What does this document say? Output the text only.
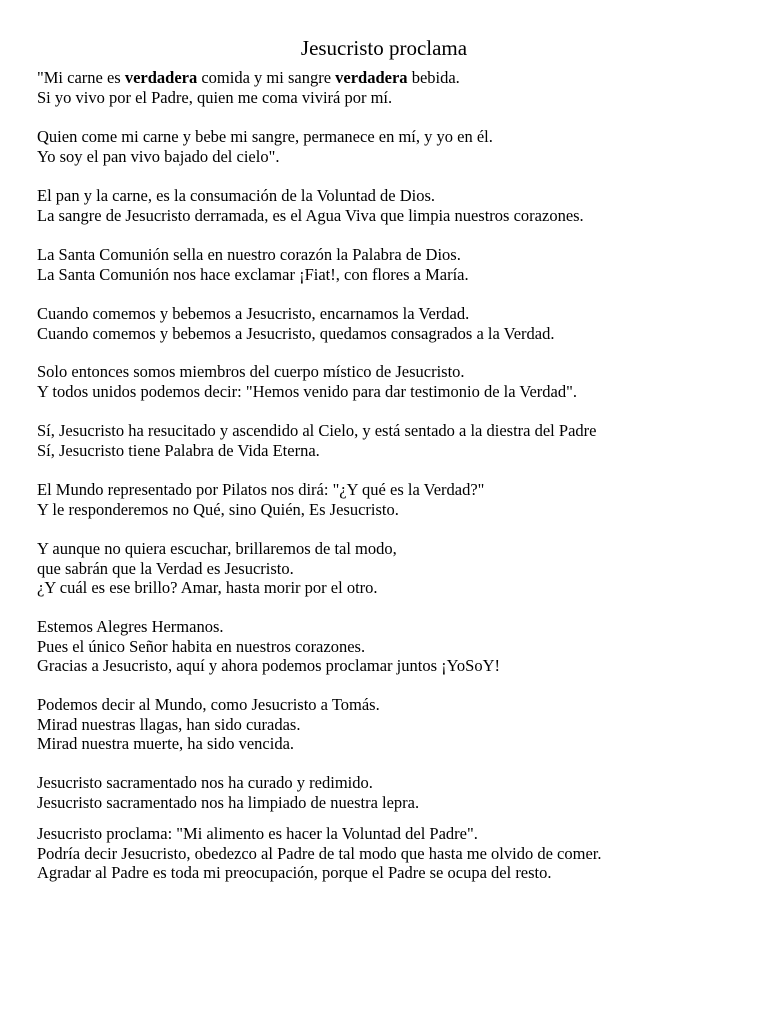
Jesucristo proclama
"Mi carne es verdadera comida y mi sangre verdadera bebida.
Si yo vivo por el Padre, quien me coma vivirá por mí.
Quien come mi carne y bebe mi sangre, permanece en mí, y yo en él.
Yo soy el pan vivo bajado del cielo".
El pan y la carne, es la consumación de la Voluntad de Dios.
La sangre de Jesucristo derramada, es el Agua Viva que limpia nuestros corazones.
La Santa Comunión sella en nuestro corazón la Palabra de Dios.
La Santa Comunión nos hace exclamar ¡Fiat!, con flores a María.
Cuando comemos y bebemos a Jesucristo, encarnamos la Verdad.
Cuando comemos y bebemos a Jesucristo, quedamos consagrados a la Verdad.
Solo entonces somos miembros del cuerpo místico de Jesucristo.
Y todos unidos podemos decir: "Hemos venido para dar testimonio de la Verdad".
Sí, Jesucristo ha resucitado y ascendido al Cielo, y está sentado a la diestra del Padre
Sí, Jesucristo tiene Palabra de Vida Eterna.
El Mundo representado por Pilatos nos dirá: "¿Y qué es la Verdad?"
Y le responderemos no Qué, sino Quién, Es Jesucristo.
Y aunque no quiera escuchar, brillaremos de tal modo,
que sabrán que la Verdad es Jesucristo.
¿Y cuál es ese brillo? Amar, hasta morir por el otro.
Estemos Alegres Hermanos.
Pues el único Señor habita en nuestros corazones.
Gracias a Jesucristo, aquí y ahora podemos proclamar juntos ¡YoSoY!
Podemos decir al Mundo, como Jesucristo a Tomás.
Mirad nuestras llagas, han sido curadas.
Mirad nuestra muerte, ha sido vencida.
Jesucristo sacramentado nos ha curado y redimido.
Jesucristo sacramentado nos ha limpiado de nuestra lepra.
Jesucristo proclama: "Mi alimento es hacer la Voluntad del Padre".
Podría decir Jesucristo, obedezco al Padre de tal modo que hasta me olvido de comer.
Agradar al Padre es toda mi preocupación, porque el Padre se ocupa del resto.
